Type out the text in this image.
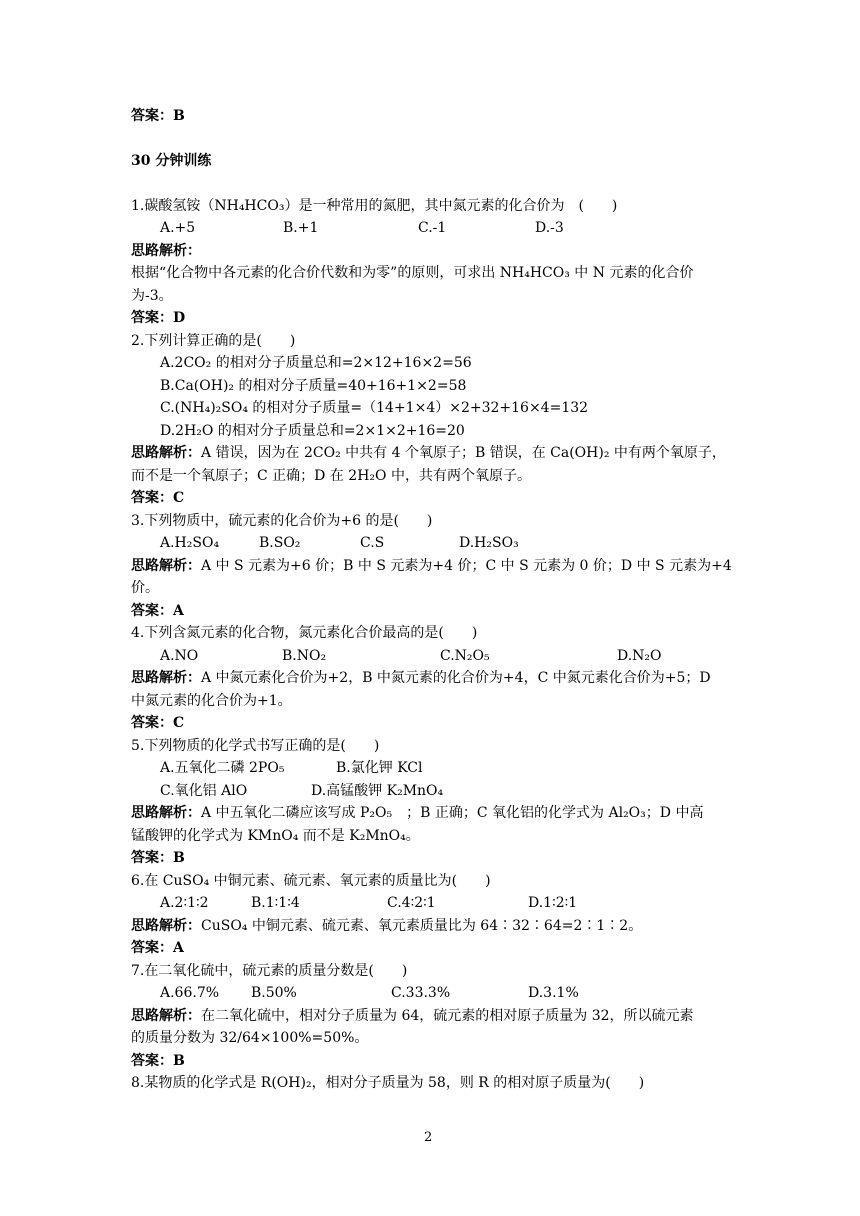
答案：B
30 分钟训练
1.碳酸氢铵（NH₄HCO₃）是一种常用的氮肥，其中氮元素的化合价为　(　　)
A.+5	B.+1	C.-1	D.-3
思路解析：
根据“化合物中各元素的化合价代数和为零”的原则，可求出 NH₄HCO₃ 中 N 元素的化合价
为-3。
答案：D
2.下列计算正确的是(　　)
A.2CO₂ 的相对分子质量总和=2×12+16×2=56
B.Ca(OH)₂ 的相对分子质量=40+16+1×2=58
C.(NH₄)₂SO₄ 的相对分子质量=（14+1×4）×2+32+16×4=132
D.2H₂O 的相对分子质量总和=2×1×2+16=20
思路解析：A 错误，因为在 2CO₂ 中共有 4 个氧原子；B 错误，在 Ca(OH)₂ 中有两个氧原子，
而不是一个氧原子；C 正确；D 在 2H₂O 中，共有两个氧原子。
答案：C
3.下列物质中，硫元素的化合价为+6 的是(　　)
A.H₂SO₄	B.SO₂	C.S	D.H₂SO₃
思路解析：A 中 S 元素为+6 价；B 中 S 元素为+4 价；C 中 S 元素为 0 价；D 中 S 元素为+4
价。
答案：A
4.下列含氮元素的化合物，氮元素化合价最高的是(　　)
A.NO	B.NO₂	C.N₂O₅	D.N₂O
思路解析：A 中氮元素化合价为+2，B 中氮元素的化合价为+4，C 中氮元素化合价为+5；D
中氮元素的化合价为+1。
答案：C
5.下列物质的化学式书写正确的是(　　)
A.五氧化二磷 2PO₅	B.氯化钾 KCl
C.氧化铝 AlO	D.高锰酸钾 K₂MnO₄
思路解析：A 中五氧化二磷应该写成 P₂O₅　；B 正确；C 氧化铝的化学式为 Al₂O₃；D 中高
锰酸钾的化学式为 KMnO₄ 而不是 K₂MnO₄。
答案：B
6.在 CuSO₄ 中铜元素、硫元素、氧元素的质量比为(　　)
A.2∶1∶2	B.1∶1∶4	C.4∶2∶1	D.1∶2∶1
思路解析：CuSO₄ 中铜元素、硫元素、氧元素质量比为 64∶32∶64=2∶1∶2。
答案：A
7.在二氧化硫中，硫元素的质量分数是(　　)
A.66.7% B.50%	C.33.3%	D.3.1%
思路解析：在二氧化硫中，相对分子质量为 64，硫元素的相对原子质量为 32，所以硫元素
的质量分数为 32/64×100%=50%。
答案：B
8.某物质的化学式是 R(OH)₂，相对分子质量为 58，则 R 的相对原子质量为(　　)
2
